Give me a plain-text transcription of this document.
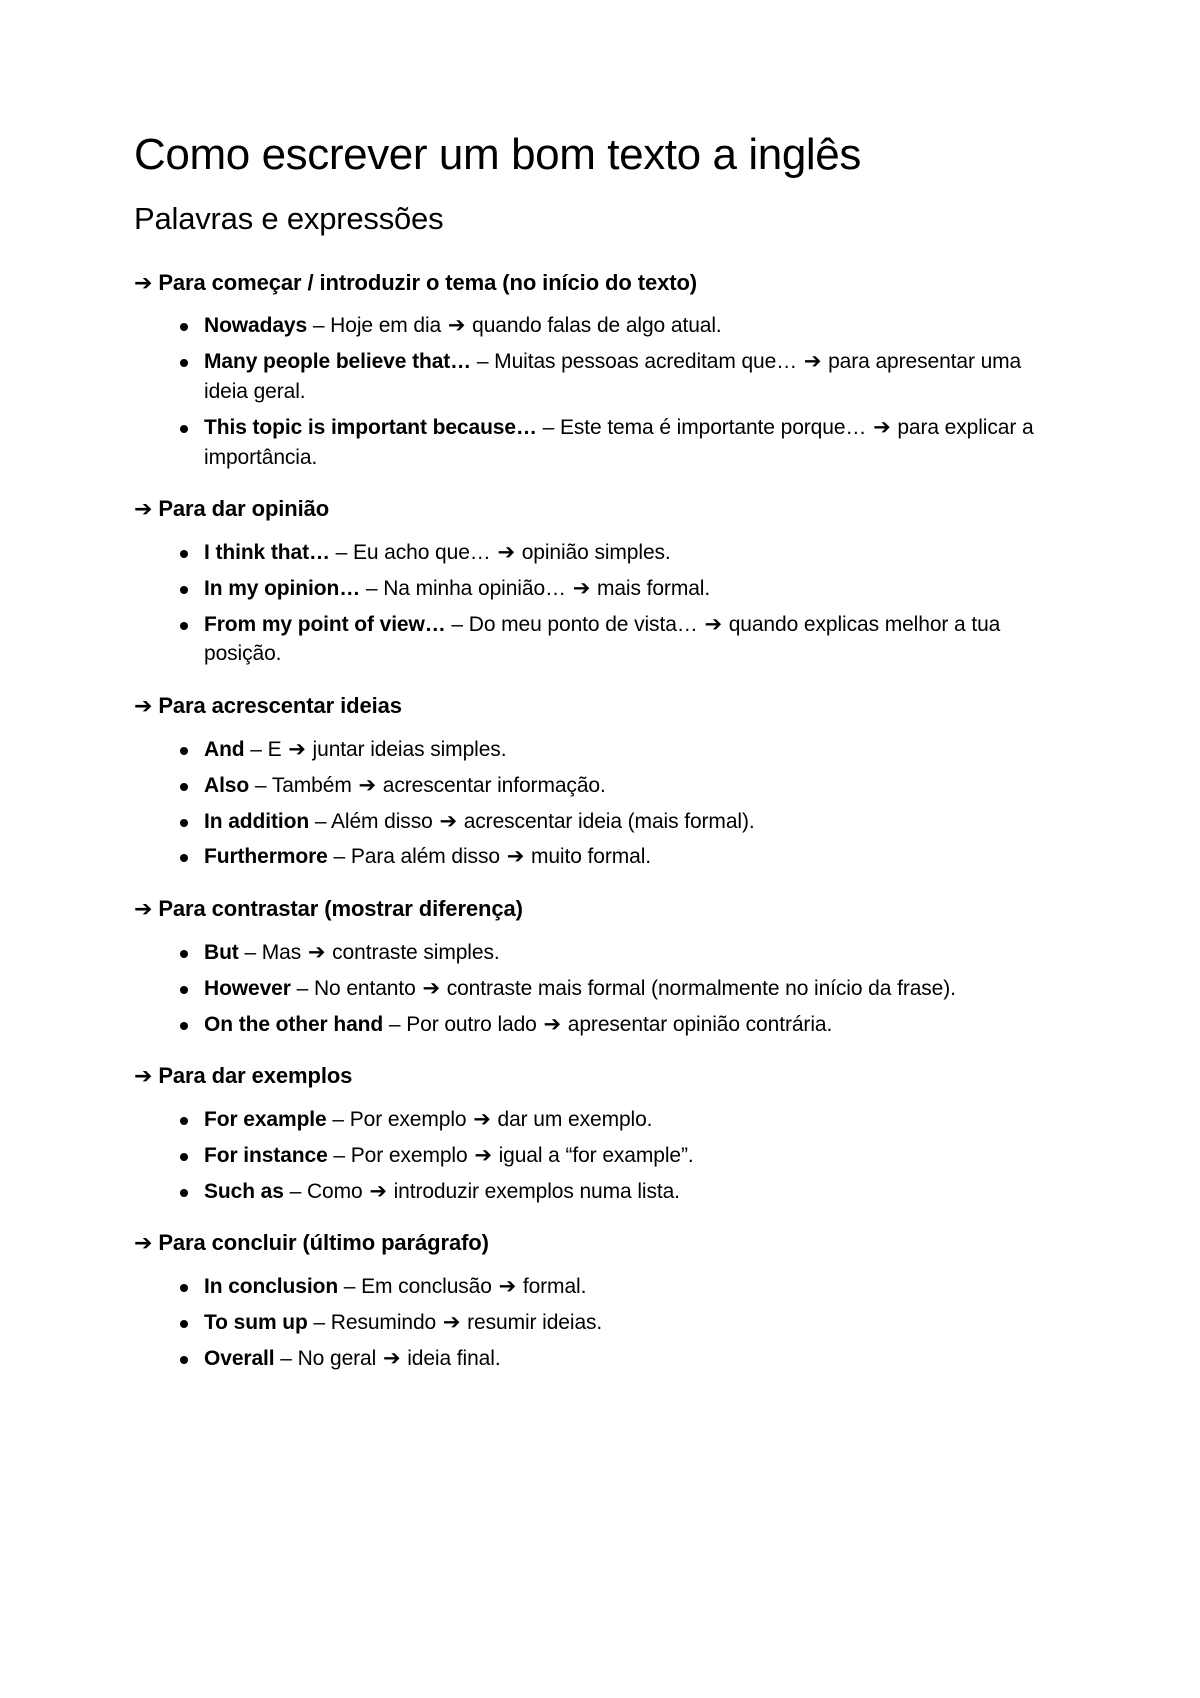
Como escrever um bom texto a inglês
Palavras e expressões
➔ Para começar / introduzir o tema (no início do texto)
Nowadays – Hoje em dia ➔ quando falas de algo atual.
Many people believe that… – Muitas pessoas acreditam que… ➔ para apresentar uma ideia geral.
This topic is important because… – Este tema é importante porque… ➔ para explicar a importância.
➔ Para dar opinião
I think that… – Eu acho que… ➔ opinião simples.
In my opinion… – Na minha opinião… ➔ mais formal.
From my point of view… – Do meu ponto de vista… ➔ quando explicas melhor a tua posição.
➔ Para acrescentar ideias
And – E ➔ juntar ideias simples.
Also – Também ➔ acrescentar informação.
In addition – Além disso ➔ acrescentar ideia (mais formal).
Furthermore – Para além disso ➔ muito formal.
➔ Para contrastar (mostrar diferença)
But – Mas ➔ contraste simples.
However – No entanto ➔ contraste mais formal (normalmente no início da frase).
On the other hand – Por outro lado ➔ apresentar opinião contrária.
➔ Para dar exemplos
For example – Por exemplo ➔ dar um exemplo.
For instance – Por exemplo ➔ igual a “for example”.
Such as – Como ➔ introduzir exemplos numa lista.
➔ Para concluir (último parágrafo)
In conclusion – Em conclusão ➔ formal.
To sum up – Resumindo ➔ resumir ideias.
Overall – No geral ➔ ideia final.
